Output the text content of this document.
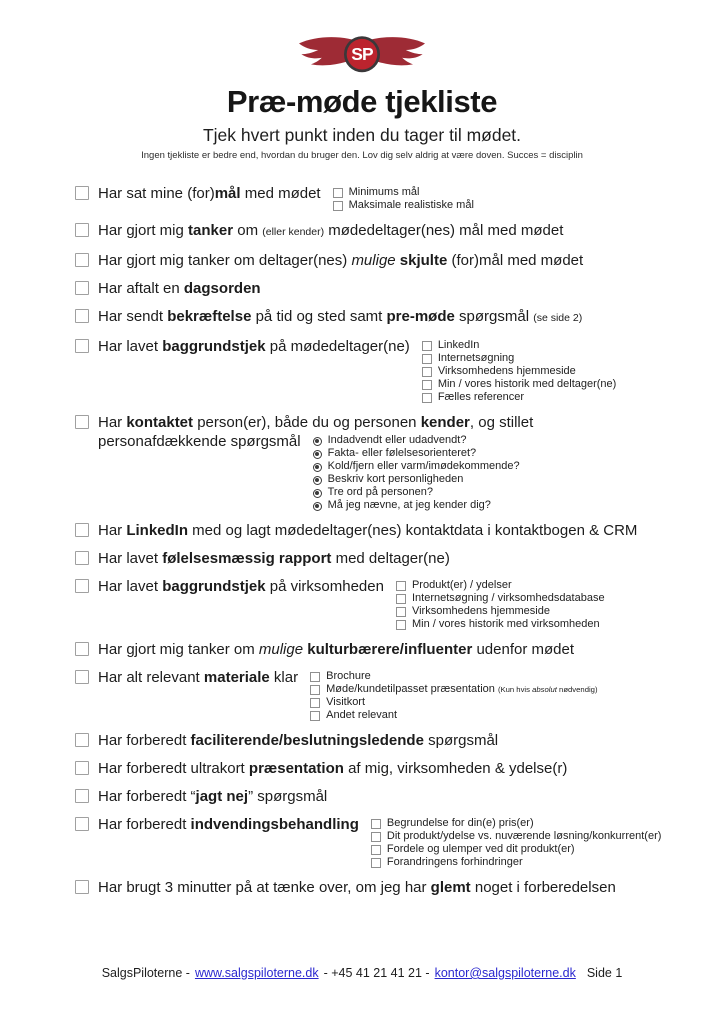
SP
Præ-møde tjekliste
Tjek hvert punkt inden du tager til mødet.
Ingen tjekliste er bedre end, hvordan du bruger den. Lov dig selv aldrig at være doven. Succes = disciplin
Har sat mine (for)mål med mødet	Minimums mål
Maksimale realistiske mål
Har gjort mig tanker om (eller kender) mødedeltager(nes) mål med mødet
Har gjort mig tanker om deltager(nes) mulige skjulte (for)mål med mødet
Har aftalt en dagsorden
Har sendt bekræftelse på tid og sted samt pre-møde spørgsmål (se side 2)
Har lavet baggrundstjek på mødedeltager(ne)	LinkedIn
Internetsøgning
Virksomhedens hjemmeside
Min / vores historik med deltager(ne)
Fælles referencer
Har kontaktet person(er), både du og personen kender, og stillet
personafdækkende spørgsmål Indadvendt eller udadvendt?
Fakta- eller følelsesorienteret?
Kold/fjern eller varm/imødekommende?
Beskriv kort personligheden
Tre ord på personen?
Må jeg nævne, at jeg kender dig?
Har LinkedIn med og lagt mødedeltager(nes) kontaktdata i kontaktbogen & CRM
Har lavet følelsesmæssig rapport med deltager(ne)
Har lavet baggrundstjek på virksomheden	Produkt(er) / ydelser
Internetsøgning / virksomhedsdatabase
Virksomhedens hjemmeside
Min / vores historik med virksomheden
Har gjort mig tanker om mulige kulturbærere/influenter udenfor mødet
Har alt relevant materiale klar	Brochure
Møde/kundetilpasset præsentation (Kun hvis absolut nødvendig)
Visitkort
Andet relevant
Har forberedt faciliterende/beslutningsledende spørgsmål
Har forberedt ultrakort præsentation af mig, virksomheden & ydelse(r)
Har forberedt “jagt nej” spørgsmål
Har forberedt indvendingsbehandling	Begrundelse for din(e) pris(er)
Dit produkt/ydelse vs. nuværende løsning/konkurrent(er)
Fordele og ulemper ved dit produkt(er)
Forandringens forhindringer
Har brugt 3 minutter på at tænke over, om jeg har glemt noget i forberedelsen
SalgsPiloterne - www.salgspiloterne.dk - +45 41 21 41 21 - kontor@salgspiloterne.dk Side 1
